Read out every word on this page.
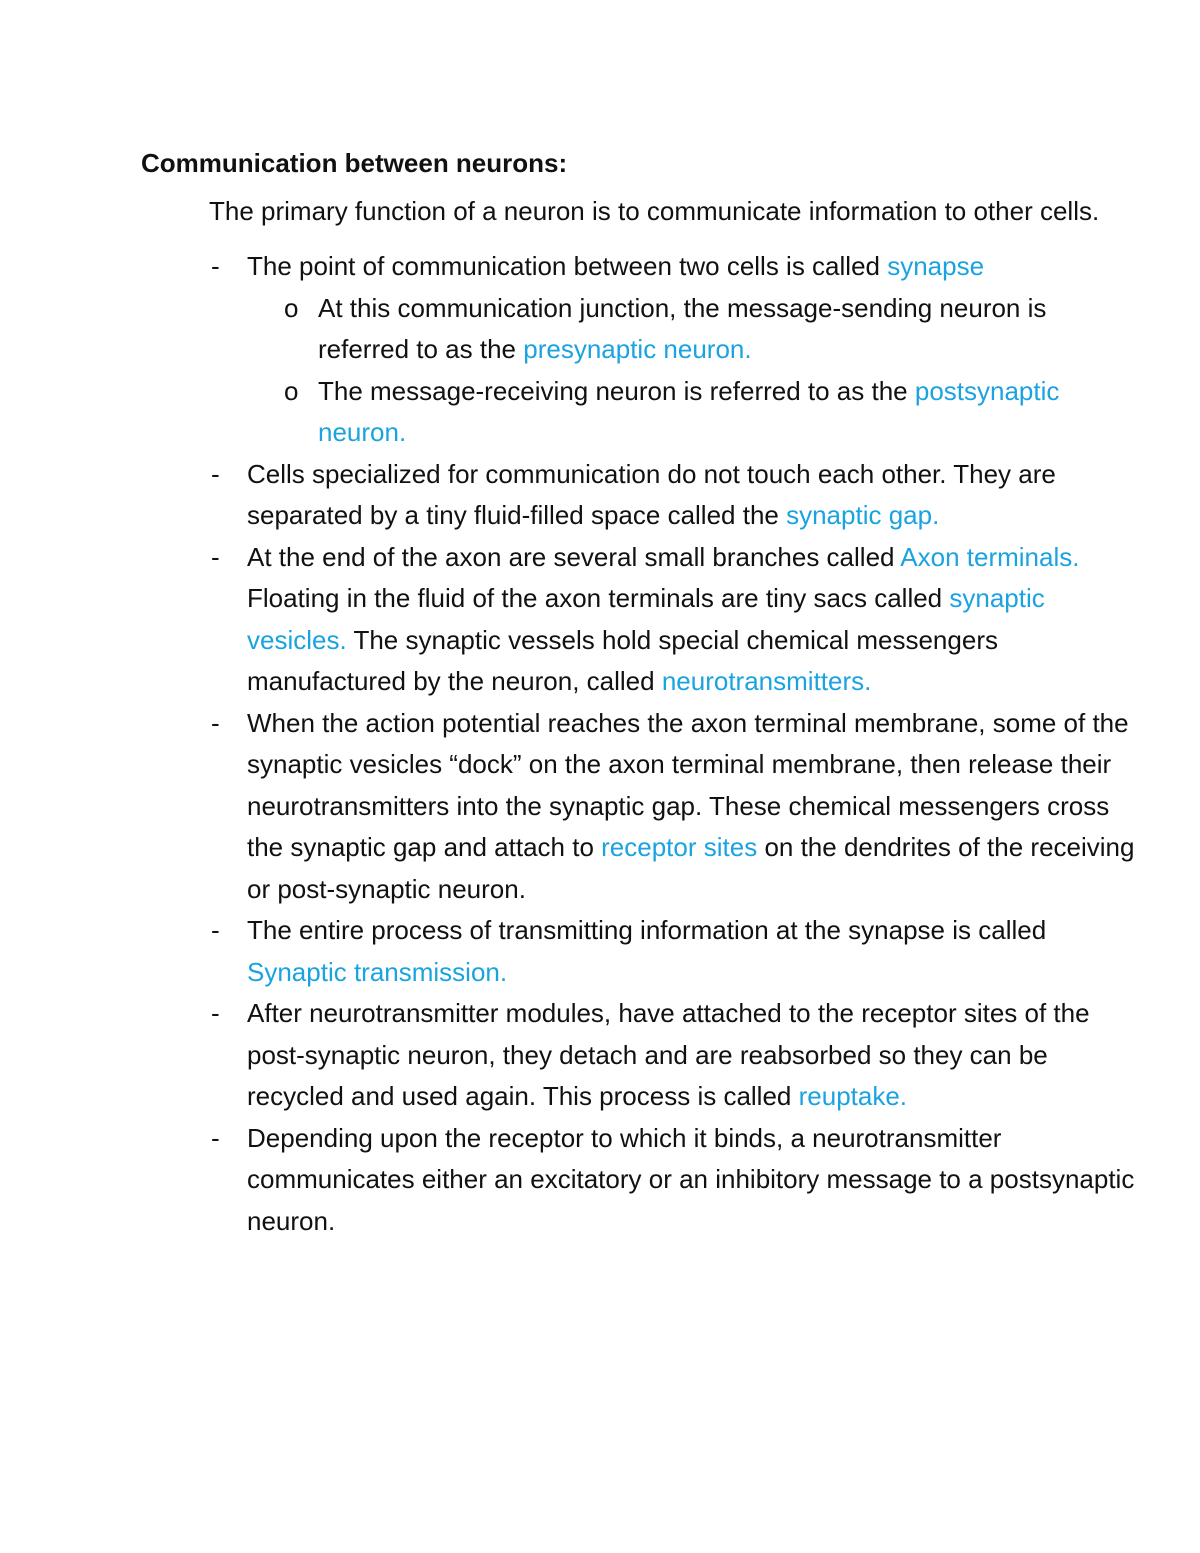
Communication between neurons:

The primary function of a neuron is to communicate information to other cells.

- The point of communication between two cells is called synapse
o At this communication junction, the message-sending neuron is referred to as the presynaptic neuron.
o The message-receiving neuron is referred to as the postsynaptic neuron.
- Cells specialized for communication do not touch each other. They are separated by a tiny fluid-filled space called the synaptic gap.
- At the end of the axon are several small branches called Axon terminals. Floating in the fluid of the axon terminals are tiny sacs called synaptic vesicles. The synaptic vessels hold special chemical messengers manufactured by the neuron, called neurotransmitters.
- When the action potential reaches the axon terminal membrane, some of the synaptic vesicles “dock” on the axon terminal membrane, then release their neurotransmitters into the synaptic gap. These chemical messengers cross the synaptic gap and attach to receptor sites on the dendrites of the receiving or post-synaptic neuron.
- The entire process of transmitting information at the synapse is called Synaptic transmission.
- After neurotransmitter modules, have attached to the receptor sites of the post-synaptic neuron, they detach and are reabsorbed so they can be recycled and used again. This process is called reuptake.
- Depending upon the receptor to which it binds, a neurotransmitter communicates either an excitatory or an inhibitory message to a postsynaptic neuron.
